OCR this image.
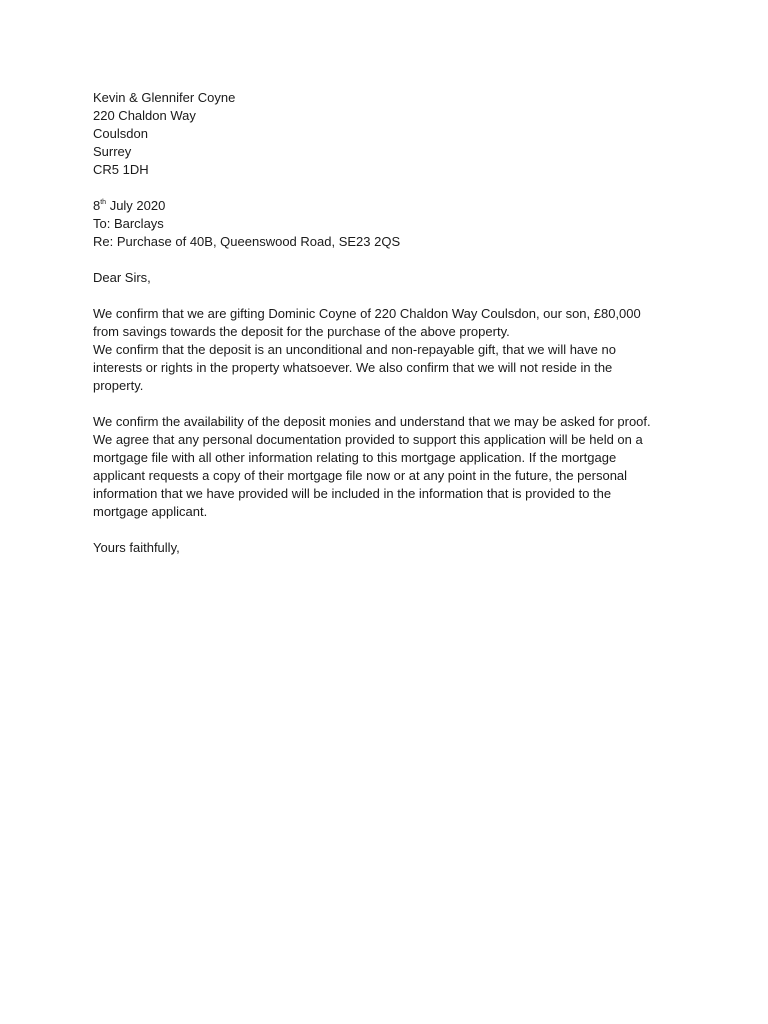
Kevin & Glennifer Coyne
220 Chaldon Way
Coulsdon
Surrey
CR5 1DH
8th July 2020
To: Barclays
Re: Purchase of 40B, Queenswood Road, SE23 2QS
Dear Sirs,
We confirm that we are gifting Dominic Coyne of 220 Chaldon Way Coulsdon, our son, £80,000
from savings towards the deposit for the purchase of the above property.
We confirm that the deposit is an unconditional and non-repayable gift, that we will have no
interests or rights in the property whatsoever. We also confirm that we will not reside in the
property.
We confirm the availability of the deposit monies and understand that we may be asked for proof.
We agree that any personal documentation provided to support this application will be held on a
mortgage file with all other information relating to this mortgage application. If the mortgage
applicant requests a copy of their mortgage file now or at any point in the future, the personal
information that we have provided will be included in the information that is provided to the
mortgage applicant.
Yours faithfully,
